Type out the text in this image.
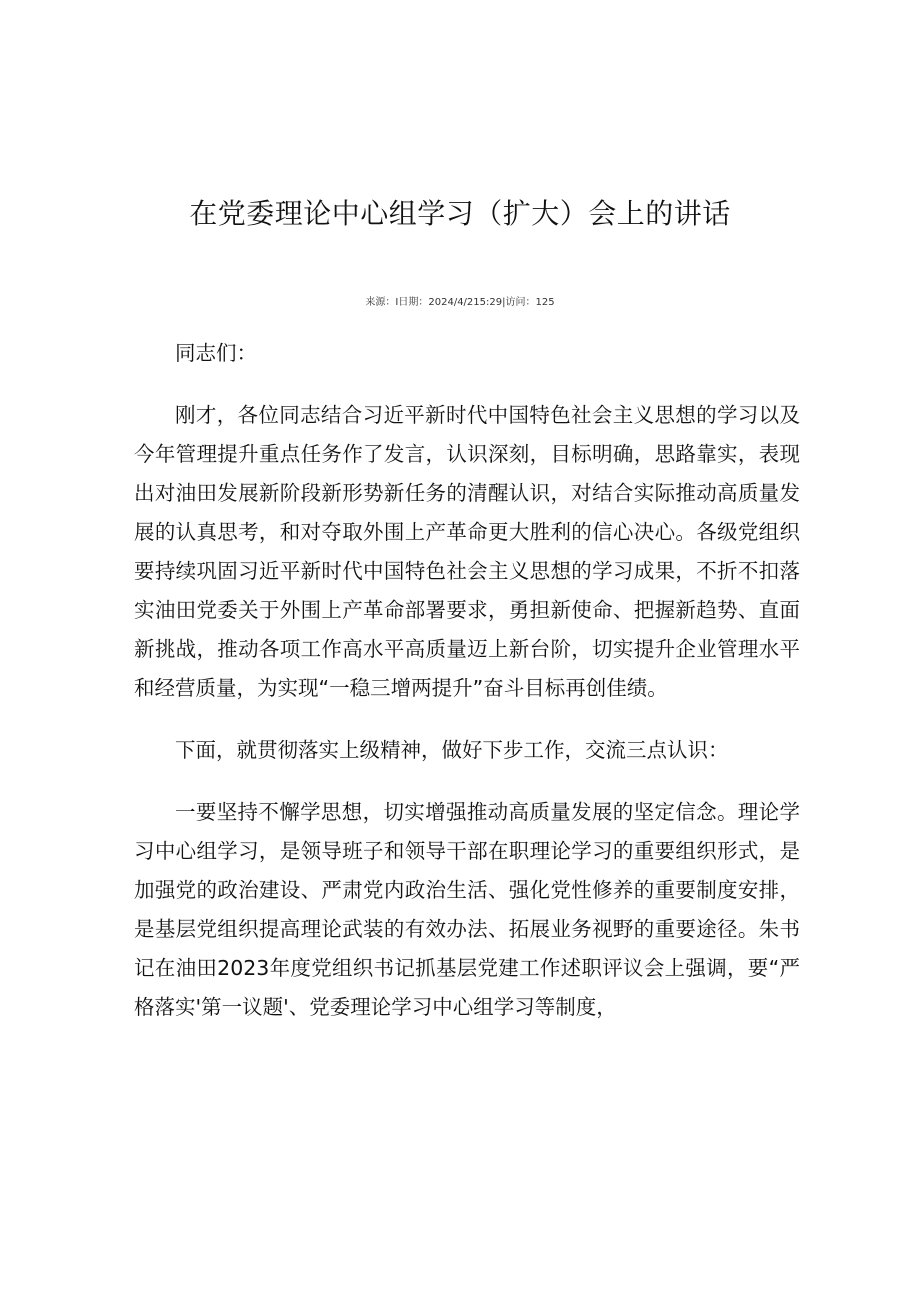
在党委理论中心组学习（扩大）会上的讲话

来源：I日期：2024/4/215:29|访问：125

同志们：

刚才，各位同志结合习近平新时代中国特色社会主义思想的学习以及今年管理提升重点任务作了发言，认识深刻，目标明确，思路靠实，表现出对油田发展新阶段新形势新任务的清醒认识，对结合实际推动高质量发展的认真思考，和对夺取外围上产革命更大胜利的信心决心。各级党组织要持续巩固习近平新时代中国特色社会主义思想的学习成果，不折不扣落实油田党委关于外围上产革命部署要求，勇担新使命、把握新趋势、直面新挑战，推动各项工作高水平高质量迈上新台阶，切实提升企业管理水平和经营质量，为实现“一稳三增两提升”奋斗目标再创佳绩。

下面，就贯彻落实上级精神，做好下步工作，交流三点认识：

一要坚持不懈学思想，切实增强推动高质量发展的坚定信念。理论学习中心组学习，是领导班子和领导干部在职理论学习的重要组织形式，是加强党的政治建设、严肃党内政治生活、强化党性修养的重要制度安排，是基层党组织提高理论武装的有效办法、拓展业务视野的重要途径。朱书记在油田2023年度党组织书记抓基层党建工作述职评议会上强调，要“严格落实'第一议题'、党委理论学习中心组学习等制度，
